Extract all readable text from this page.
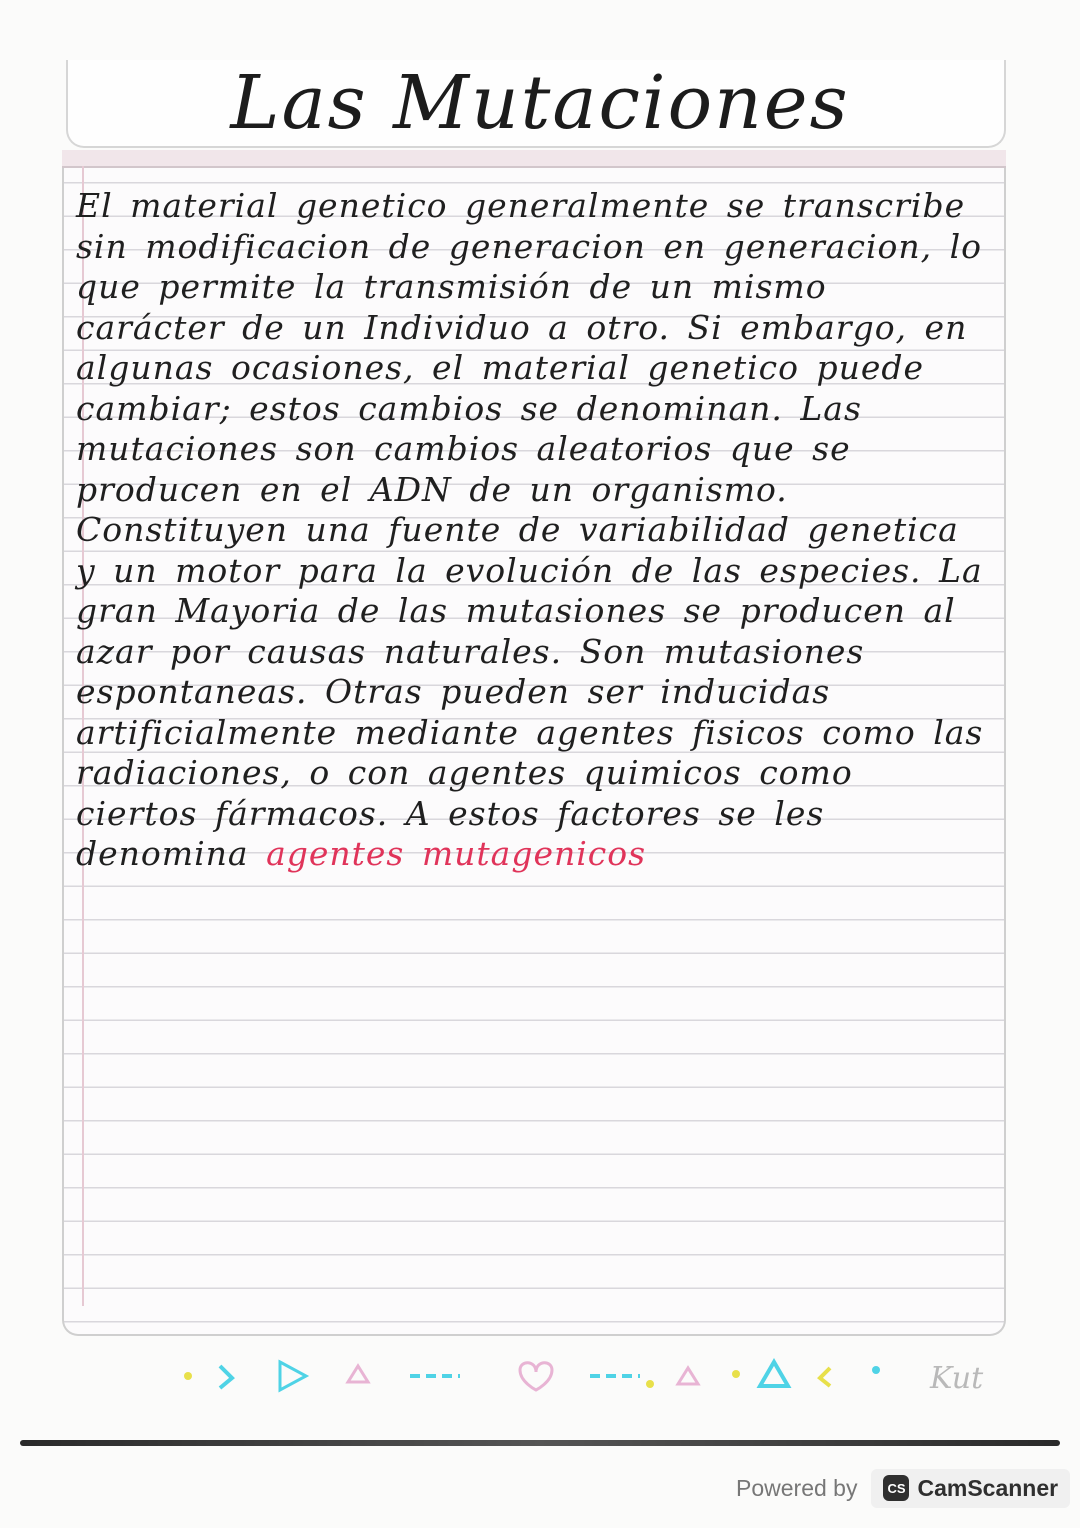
Las Mutaciones

El material genetico generalmente se transcribe sin modificacion de generacion en generacion, lo que permite la transmisión de un mismo carácter de un Individuo a otro. Si embargo, en algunas ocasiones, el material genetico puede cambiar; estos cambios se denominan. Las mutaciones son cambios aleatorios que se producen en el ADN de un organismo. Constituyen una fuente de variabilidad genetica y un motor para la evolución de las especies. La gran Mayoria de las mutasiones se producen al azar por causas naturales. Son mutasiones espontaneas. Otras pueden ser inducidas artificialmente mediante agentes fisicos como las radiaciones, o con agentes quimicos como ciertos fármacos. A estos factores se les denomina agentes mutagenicos

Kut
Powered by	CS CamScanner
